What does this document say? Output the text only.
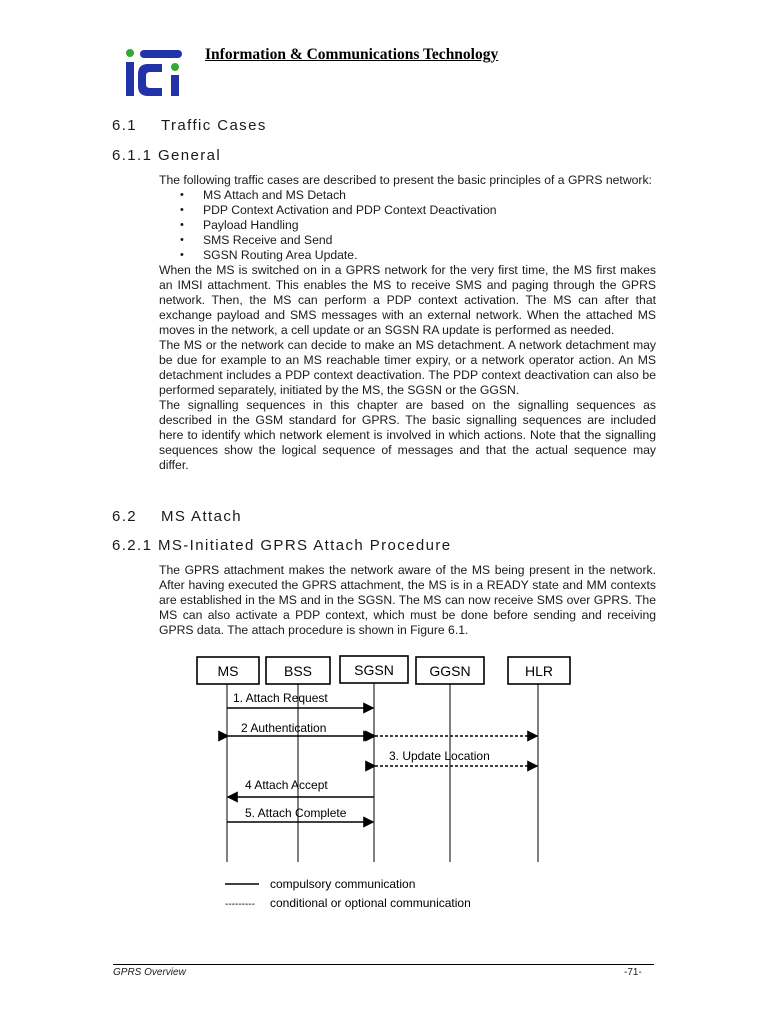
Information & Communications Technology
6.1 Traffic Cases
6.1.1 General

The following traffic cases are described to present the basic principles of a GPRS network:

• MS Attach and MS Detach
• PDP Context Activation and PDP Context Deactivation
• Payload Handling
• SMS Receive and Send
• SGSN Routing Area Update.

When the MS is switched on in a GPRS network for the very first time, the MS first makes an IMSI attachment. This enables the MS to receive SMS and paging through the GPRS network. Then, the MS can perform a PDP context activation. The MS can after that exchange payload and SMS messages with an external network. When the attached MS moves in the network, a cell update or an SGSN RA update is performed as needed.

The MS or the network can decide to make an MS detachment. A network detachment may be due for example to an MS reachable timer expiry, or a network operator action. An MS detachment includes a PDP context deactivation. The PDP context deactivation can also be performed separately, initiated by the MS, the SGSN or the GGSN.

The signalling sequences in this chapter are based on the signalling sequences as described in the GSM standard for GPRS. The basic signalling sequences are included here to identify which network element is involved in which actions. Note that the signalling sequences show the logical sequence of messages and that the actual sequence may differ.

6.2 MS Attach
6.2.1 MS-Initiated GPRS Attach Procedure

The GPRS attachment makes the network aware of the MS being present in the network. After having executed the GPRS attachment, the MS is in a READY state and MM contexts are established in the MS and in the SGSN. The MS can now receive SMS over GPRS. The MS can also activate a PDP context, which must be done before sending and receiving GPRS data. The attach procedure is shown in Figure 6.1.

MS	BSS	SGSN	GGSN	HLR
1. Attach Request
2 Authentication
3. Update Location
4 Attach Accept
5. Attach Complete
compulsory communication
--------- conditional or optional communication
GPRS Overview	-71-
